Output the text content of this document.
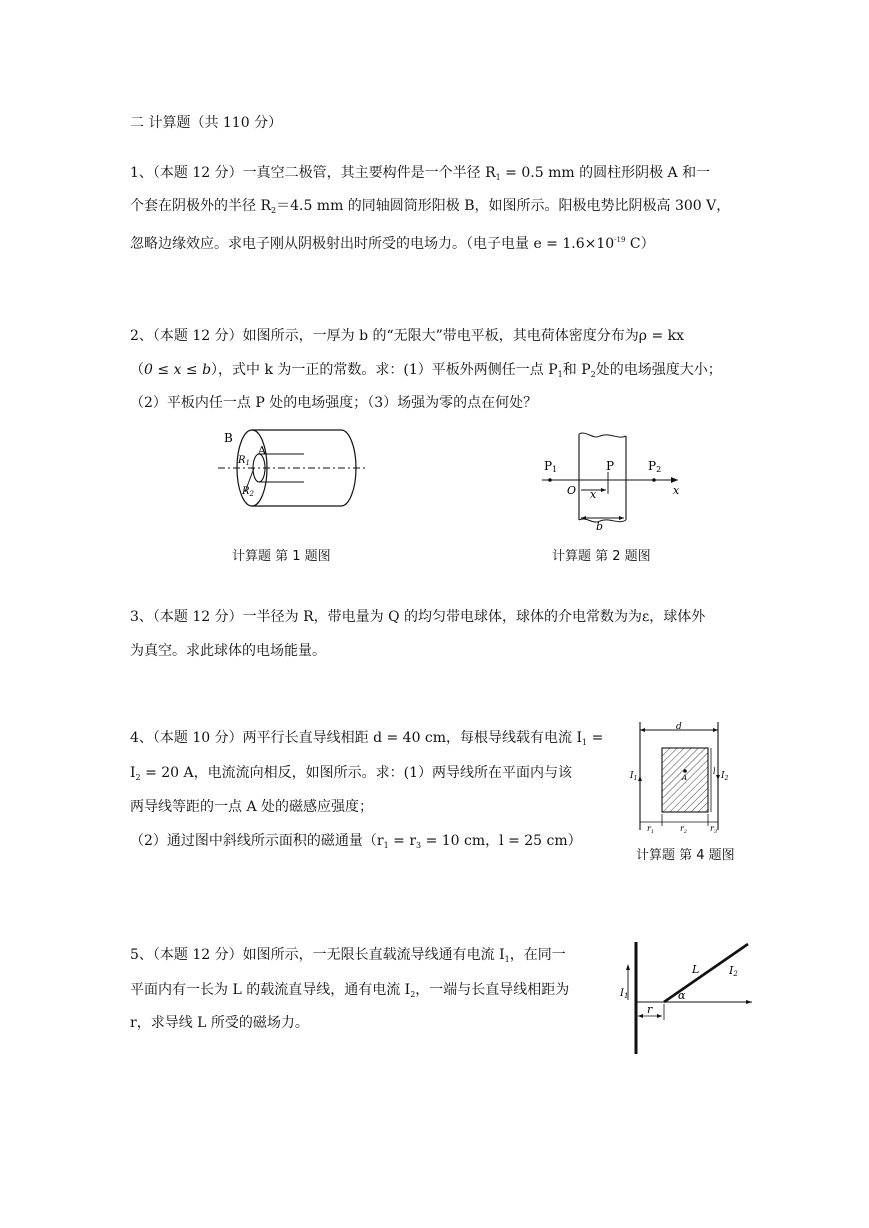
二 计算题（共 110 分）
1、（本题 12 分）一真空二极管，其主要构件是一个半径 $R_1 = 0.5$ mm 的圆柱形阴极 A 和一
个套在阴极外的半径 $R_2=4.5$ mm 的同轴圆筒形阳极 B，如图所示。阳极电势比阴极高 300 V，
忽略边缘效应。求电子刚从阴极射出时所受的电场力。（电子电量 $e = 1.6\times 10^{-19}$ C）
2、（本题 12 分）如图所示，一厚为 b 的“无限大”带电平板，其电荷体密度分布为ρ = kx
（0 ≤ x ≤ b），式中 k 为一正的常数。求：(1）平板外两侧任一点 $P_1$和 $P_2$处的电场强度大小；
（2）平板内任一点 P 处的电场强度；（3）场强为零的点在何处？
B
A
$R_1$
$R_2$
计算题 第 1 题图
P1	P	P2
O x	x
b
计算题 第 2 题图
3、（本题 12 分）一半径为 R，带电量为 Q 的均匀带电球体，球体的介电常数为为ε，球体外
为真空。求此球体的电场能量。
4、（本题 10 分）两平行长直导线相距 d = 40 cm，每根导线载有电流 $I_1$ =
$I_2 = 20$ A，电流流向相反，如图所示。求：(1）两导线所在平面内与该
两导线等距的一点 A 处的磁感应强度；
（2）通过图中斜线所示面积的磁通量（$r_1 = r_3 = 10$ cm，l = 25 cm）
d
$I_1$	$I_2$
A
l
$r_1$	$r_2$	$r_3$
计算题 第 4 题图
5、（本题 12 分）如图所示，一无限长直载流导线通有电流 $I_1$，在同一
平面内有一长为 L 的载流直导线，通有电流 $I_2$，一端与长直导线相距为
r，求导线 L 所受的磁场力。
$I_1$
L	I2
r
α
